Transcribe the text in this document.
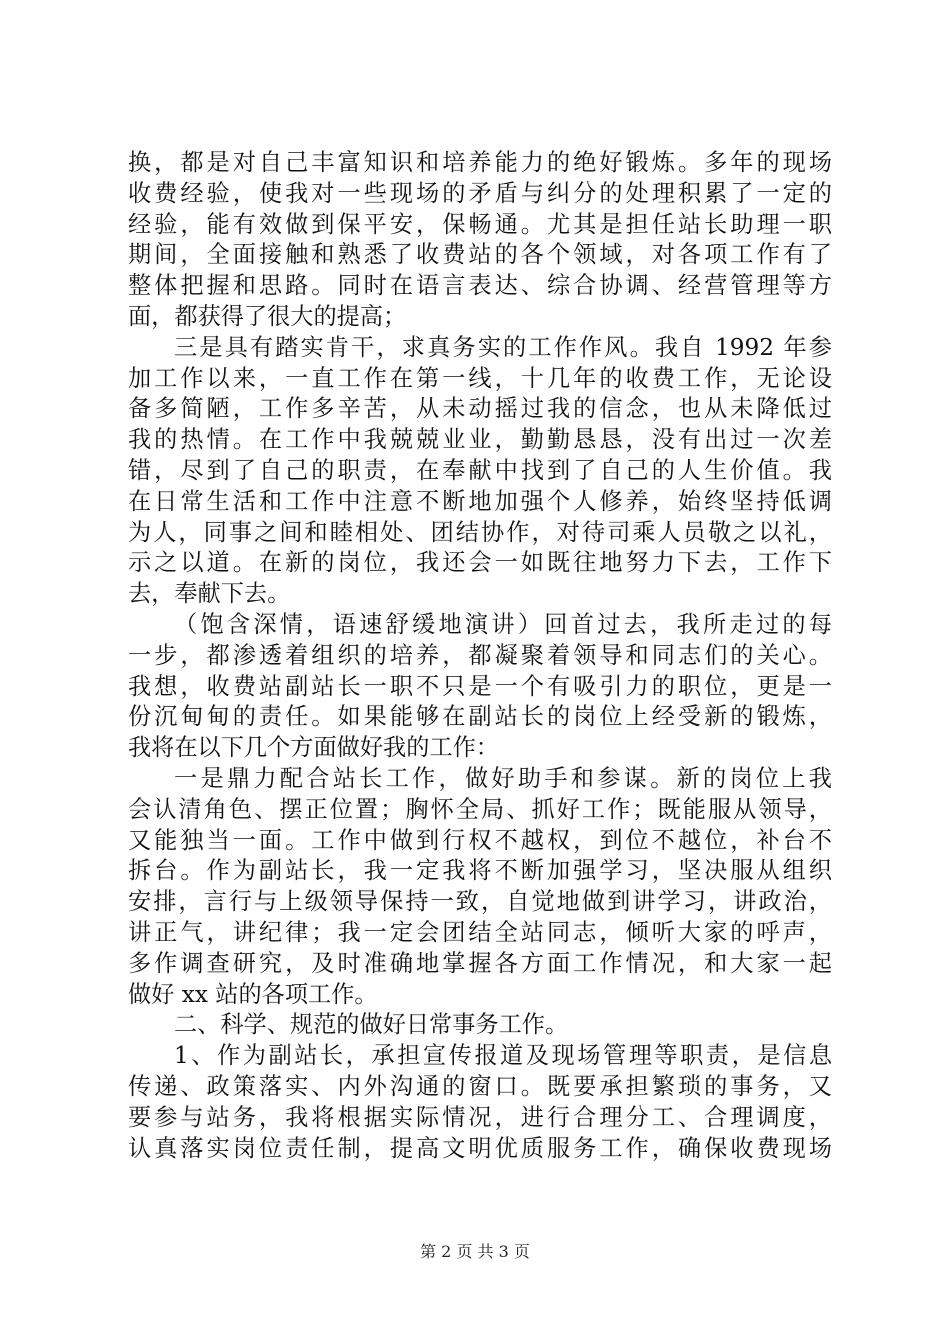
换，都是对自己丰富知识和培养能力的绝好锻炼。多年的现场
收费经验，使我对一些现场的矛盾与纠分的处理积累了一定的
经验，能有效做到保平安，保畅通。尤其是担任站长助理一职
期间，全面接触和熟悉了收费站的各个领域，对各项工作有了
整体把握和思路。同时在语言表达、综合协调、经营管理等方
面，都获得了很大的提高；
三是具有踏实肯干，求真务实的工作作风。我自 1992 年参
加工作以来，一直工作在第一线，十几年的收费工作，无论设
备多简陋，工作多辛苦，从未动摇过我的信念，也从未降低过
我的热情。在工作中我兢兢业业，勤勤恳恳，没有出过一次差
错，尽到了自己的职责，在奉献中找到了自己的人生价值。我
在日常生活和工作中注意不断地加强个人修养，始终坚持低调
为人，同事之间和睦相处、团结协作，对待司乘人员敬之以礼，
示之以道。在新的岗位，我还会一如既往地努力下去，工作下
去，奉献下去。
（饱含深情，语速舒缓地演讲）回首过去，我所走过的每
一步，都渗透着组织的培养，都凝聚着领导和同志们的关心。
我想，收费站副站长一职不只是一个有吸引力的职位，更是一
份沉甸甸的责任。如果能够在副站长的岗位上经受新的锻炼，
我将在以下几个方面做好我的工作：
一是鼎力配合站长工作，做好助手和参谋。新的岗位上我
会认清角色、摆正位置；胸怀全局、抓好工作；既能服从领导，
又能独当一面。工作中做到行权不越权，到位不越位，补台不
拆台。作为副站长，我一定我将不断加强学习，坚决服从组织
安排，言行与上级领导保持一致，自觉地做到讲学习，讲政治，
讲正气，讲纪律；我一定会团结全站同志，倾听大家的呼声，
多作调查研究，及时准确地掌握各方面工作情况，和大家一起
做好 xx 站的各项工作。
二、科学、规范的做好日常事务工作。
1、作为副站长，承担宣传报道及现场管理等职责，是信息
传递、政策落实、内外沟通的窗口。既要承担繁琐的事务，又
要参与站务，我将根据实际情况，进行合理分工、合理调度，
认真落实岗位责任制，提高文明优质服务工作，确保收费现场
第 2 页 共 3 页
